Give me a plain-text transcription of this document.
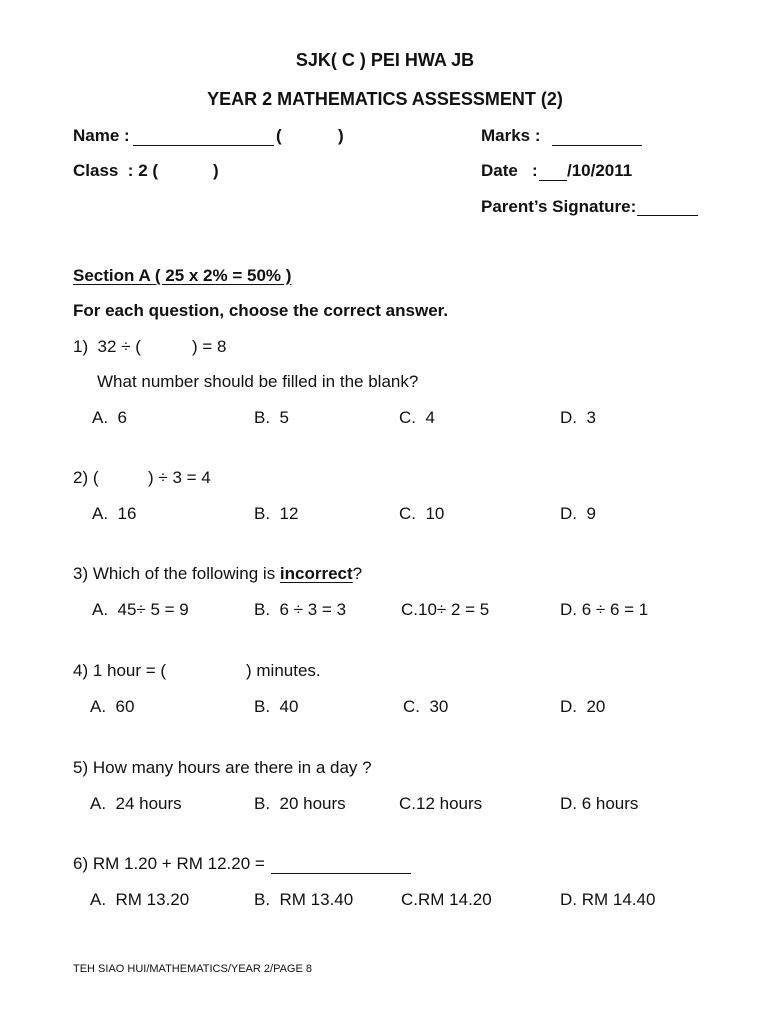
SJK( C ) PEI HWA JB
YEAR 2 MATHEMATICS ASSESSMENT (2)
Name :	(	)	Marks :
Class  : 2 (	)	Date   : /10/2011
Parent’s Signature:
Section A ( 25 x 2% = 50% )
For each question, choose the correct answer.
1)  32 ÷ (	) = 8
What number should be filled in the blank?
A.  6	B.  5	C.  4	D.  3
2) (	) ÷ 3 = 4
A.  16	B.  12	C.  10	D.  9
3) Which of the following is incorrect?
A.  45÷ 5 = 9	B.  6 ÷ 3 = 3	C.10÷ 2 = 5	D. 6 ÷ 6 = 1
4) 1 hour = (	) minutes.
A.  60	B.  40	C.  30	D.  20
5) How many hours are there in a day ?
A.  24 hours	B.  20 hours	C.12 hours	D. 6 hours
6) RM 1.20 + RM 12.20 =
A.  RM 13.20	B.  RM 13.40	C.RM 14.20	D. RM 14.40
TEH SIAO HUI/MATHEMATICS/YEAR 2/PAGE 8
